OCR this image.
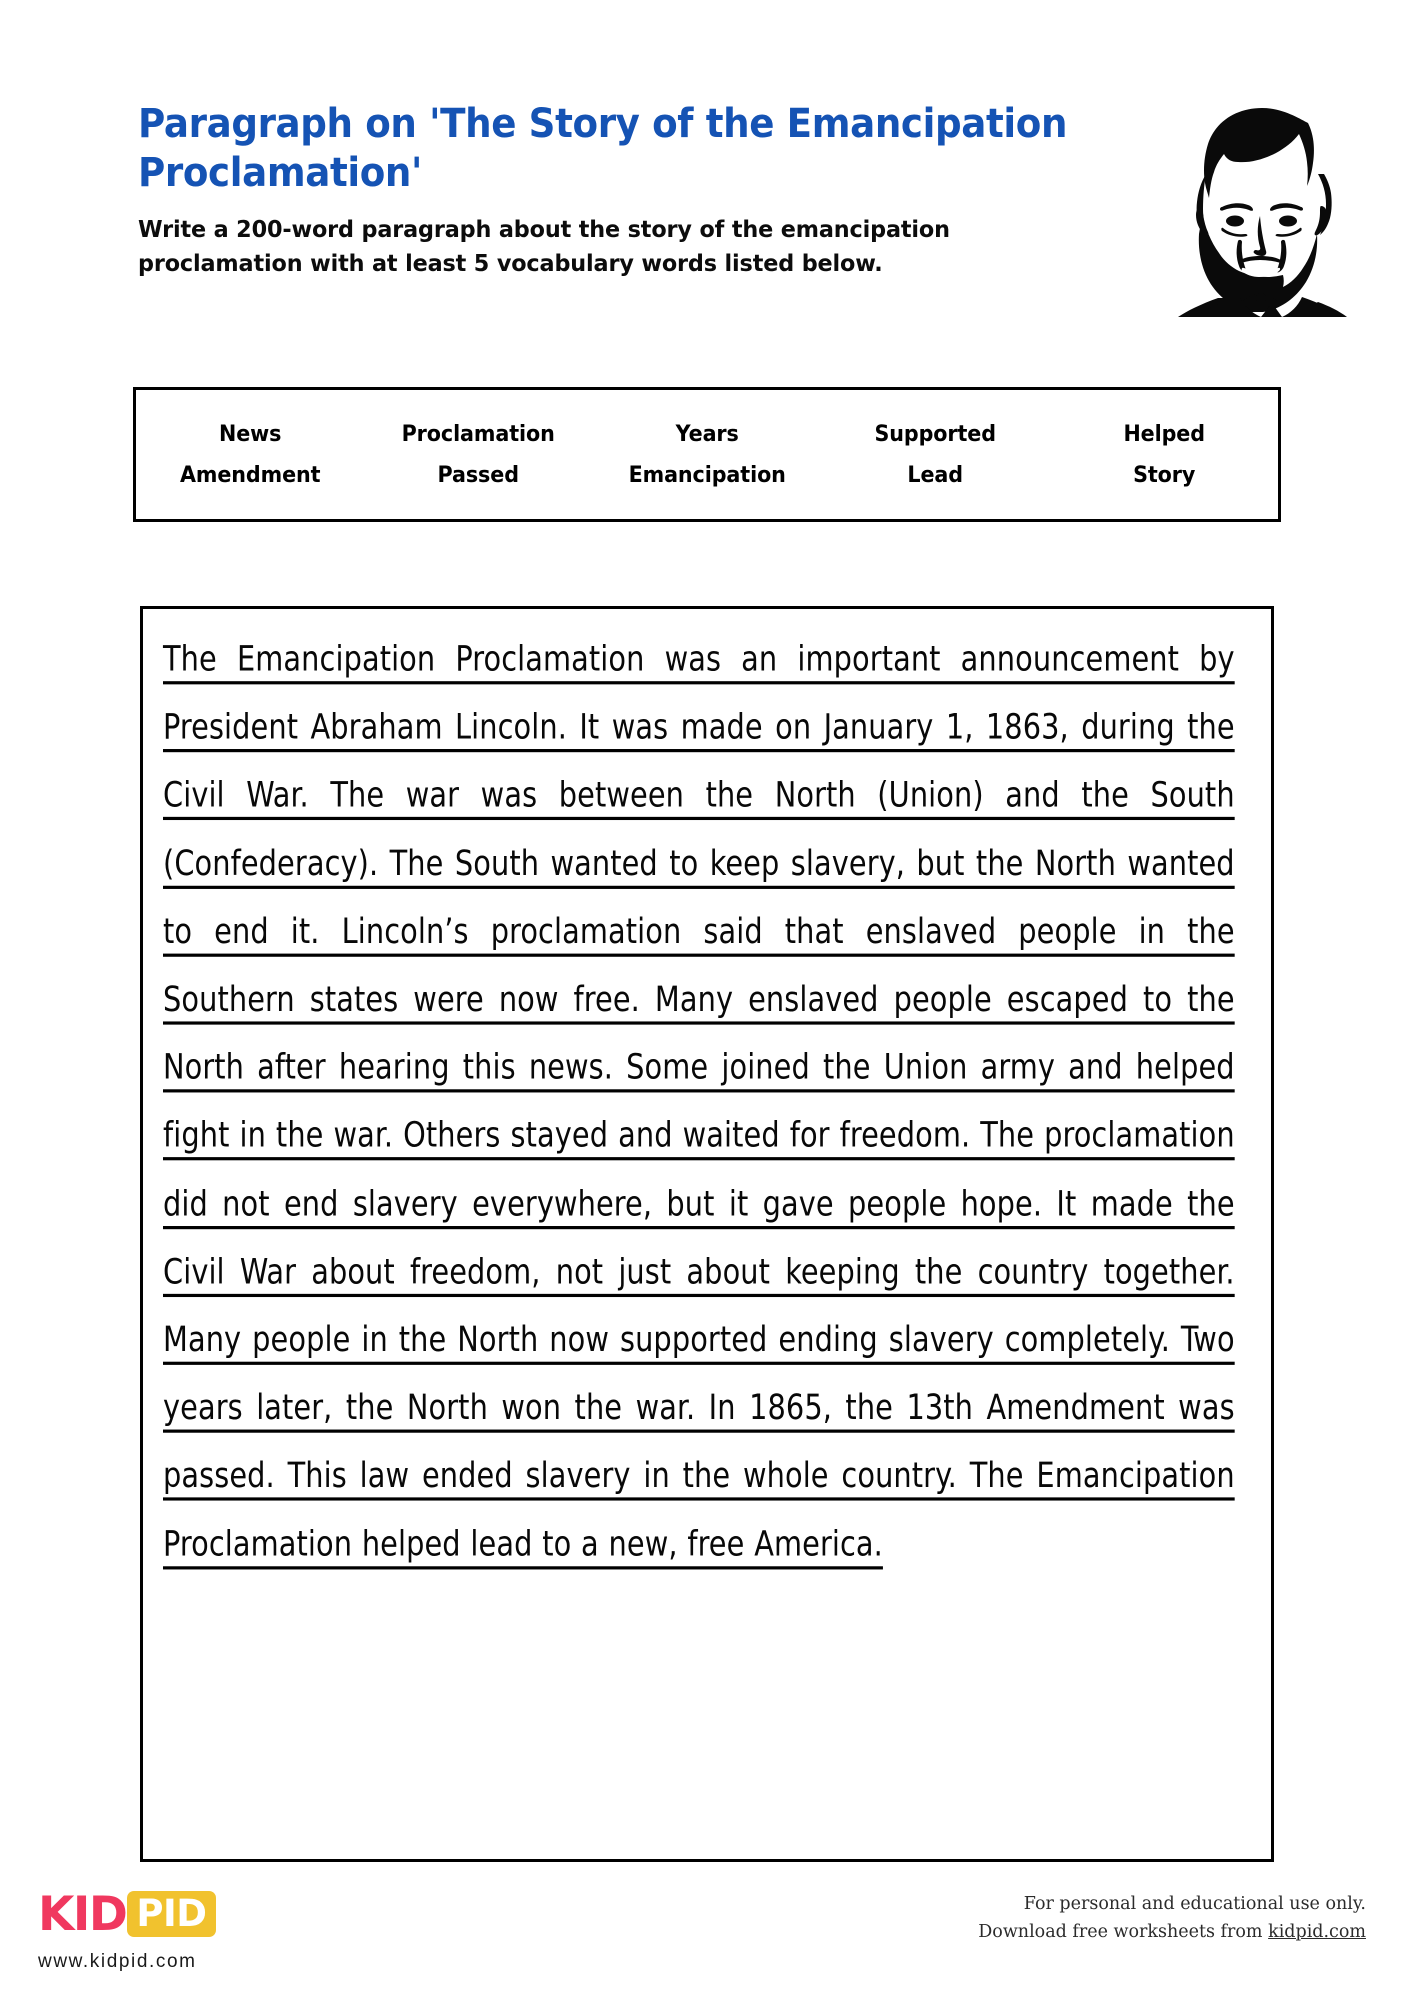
Paragraph on 'The Story of the Emancipation Proclamation'

Write a 200-word paragraph about the story of the emancipation proclamation with at least 5 vocabulary words listed below.

News	Proclamation	Years	Supported	Helped
Amendment	Passed	Emancipation	Lead	Story

The Emancipation Proclamation was an important announcement by President Abraham Lincoln. It was made on January 1, 1863, during the Civil War. The war was between the North (Union) and the South (Confederacy). The South wanted to keep slavery, but the North wanted to end it. Lincoln’s proclamation said that enslaved people in the Southern states were now free. Many enslaved people escaped to the North after hearing this news. Some joined the Union army and helped fight in the war. Others stayed and waited for freedom. The proclamation did not end slavery everywhere, but it gave people hope. It made the Civil War about freedom, not just about keeping the country together. Many people in the North now supported ending slavery completely. Two years later, the North won the war. In 1865, the 13th Amendment was passed. This law ended slavery in the whole country. The Emancipation Proclamation helped lead to a new, free America.

KID PID
www.kidpid.com
For personal and educational use only.
Download free worksheets from kidpid.com
